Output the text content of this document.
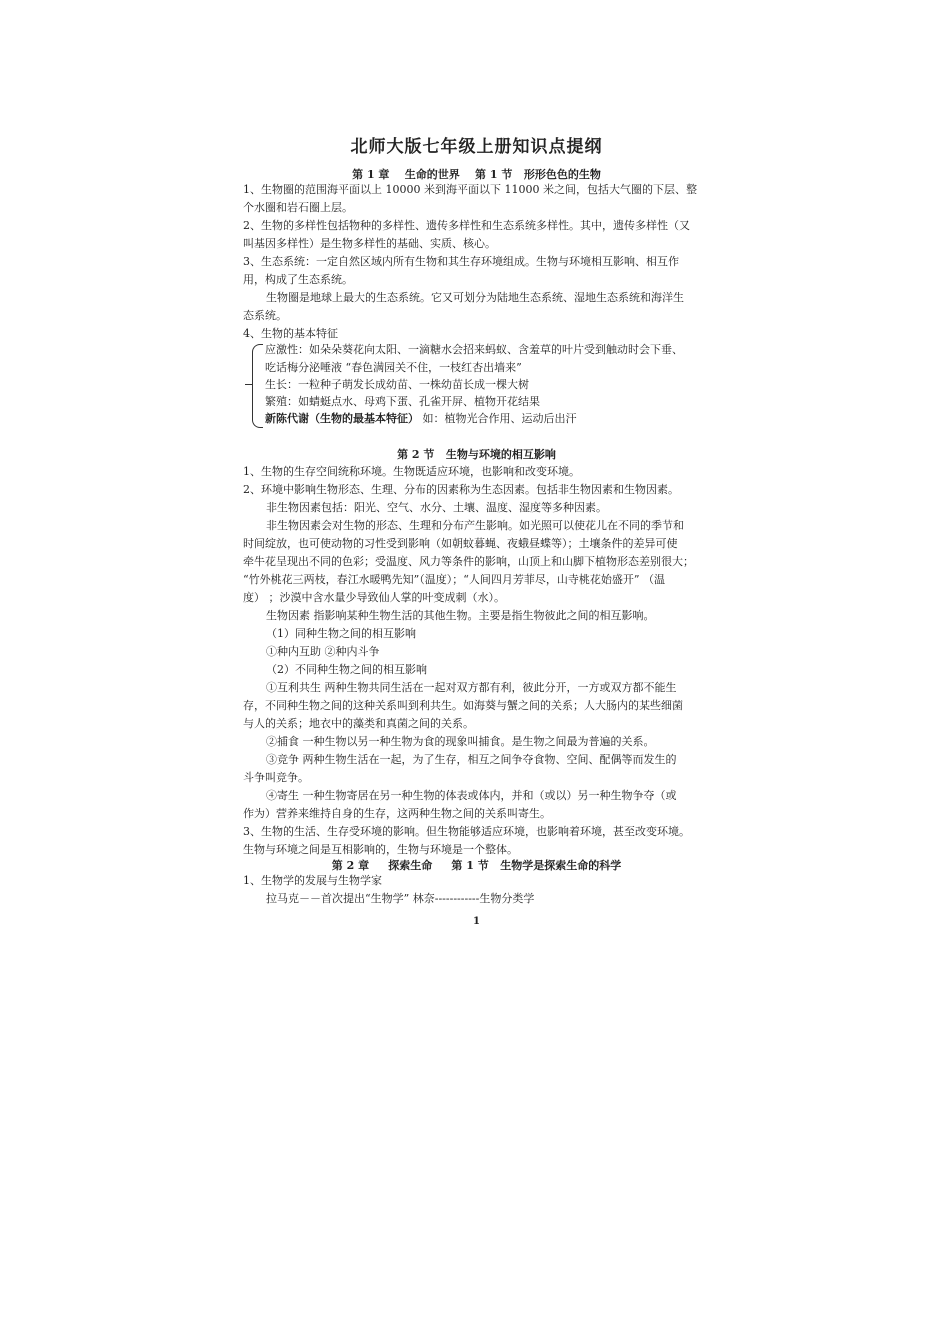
北师大版七年级上册知识点提纲
第 1 章    生命的世界    第 1 节   形形色色的生物
1、生物圈的范围海平面以上 10000 米到海平面以下 11000 米之间，包括大气圈的下层、整
个水圈和岩石圈上层。
2、生物的多样性包括物种的多样性、遗传多样性和生态系统多样性。其中，遗传多样性（又
叫基因多样性）是生物多样性的基础、实质、核心。
3、生态系统：一定自然区域内所有生物和其生存环境组成。生物与环境相互影响、相互作
用，构成了生态系统。
生物圈是地球上最大的生态系统。它又可划分为陆地生态系统、湿地生态系统和海洋生
态系统。
4、生物的基本特征
应激性：如朵朵葵花向太阳、一滴糖水会招来蚂蚁、含羞草的叶片受到触动时会下垂、
吃话梅分泌唾液 “春色满园关不住，一枝红杏出墙来”
生长：一粒种子萌发长成幼苗、一株幼苗长成一棵大树
繁殖：如蜻蜓点水、母鸡下蛋、孔雀开屏、植物开花结果
新陈代谢（生物的最基本特征） 如：植物光合作用、运动后出汗
第 2 节   生物与环境的相互影响
1、生物的生存空间统称环境。生物既适应环境，也影响和改变环境。
2、环境中影响生物形态、生理、分布的因素称为生态因素。包括非生物因素和生物因素。
非生物因素包括：阳光、空气、水分、土壤、温度、湿度等多种因素。
非生物因素会对生物的形态、生理和分布产生影响。如光照可以使花儿在不同的季节和
时间绽放，也可使动物的习性受到影响（如朝蚊暮蝇、夜蛾昼蝶等）；土壤条件的差异可使
牵牛花呈现出不同的色彩；受温度、风力等条件的影响，山顶上和山脚下植物形态差别很大；
“竹外桃花三两枝，春江水暖鸭先知”（温度）；“人间四月芳菲尽，山寺桃花始盛开” （温
度） ；沙漠中含水量少导致仙人掌的叶变成刺（水）。
生物因素 指影响某种生物生活的其他生物。主要是指生物彼此之间的相互影响。
（1）同种生物之间的相互影响
①种内互助 ②种内斗争
（2）不同种生物之间的相互影响
①互利共生 两种生物共同生活在一起对双方都有利，彼此分开，一方或双方都不能生
存，不同种生物之间的这种关系叫到利共生。如海葵与蟹之间的关系；人大肠内的某些细菌
与人的关系；地衣中的藻类和真菌之间的关系。
②捕食 一种生物以另一种生物为食的现象叫捕食。是生物之间最为普遍的关系。
③竞争 两种生物生活在一起，为了生存，相互之间争夺食物、空间、配偶等而发生的
斗争叫竞争。
④寄生 一种生物寄居在另一种生物的体表或体内，并和（或以）另一种生物争夺（或
作为）营养来维持自身的生存，这两种生物之间的关系叫寄生。
3、生物的生活、生存受环境的影响。但生物能够适应环境，也影响着环境，甚至改变环境。
生物与环境之间是互相影响的，生物与环境是一个整体。
第 2 章     探索生命     第 1 节   生物学是探索生命的科学
1、生物学的发展与生物学家
拉马克－－首次提出“生物学” 林奈------------生物分类学
1
